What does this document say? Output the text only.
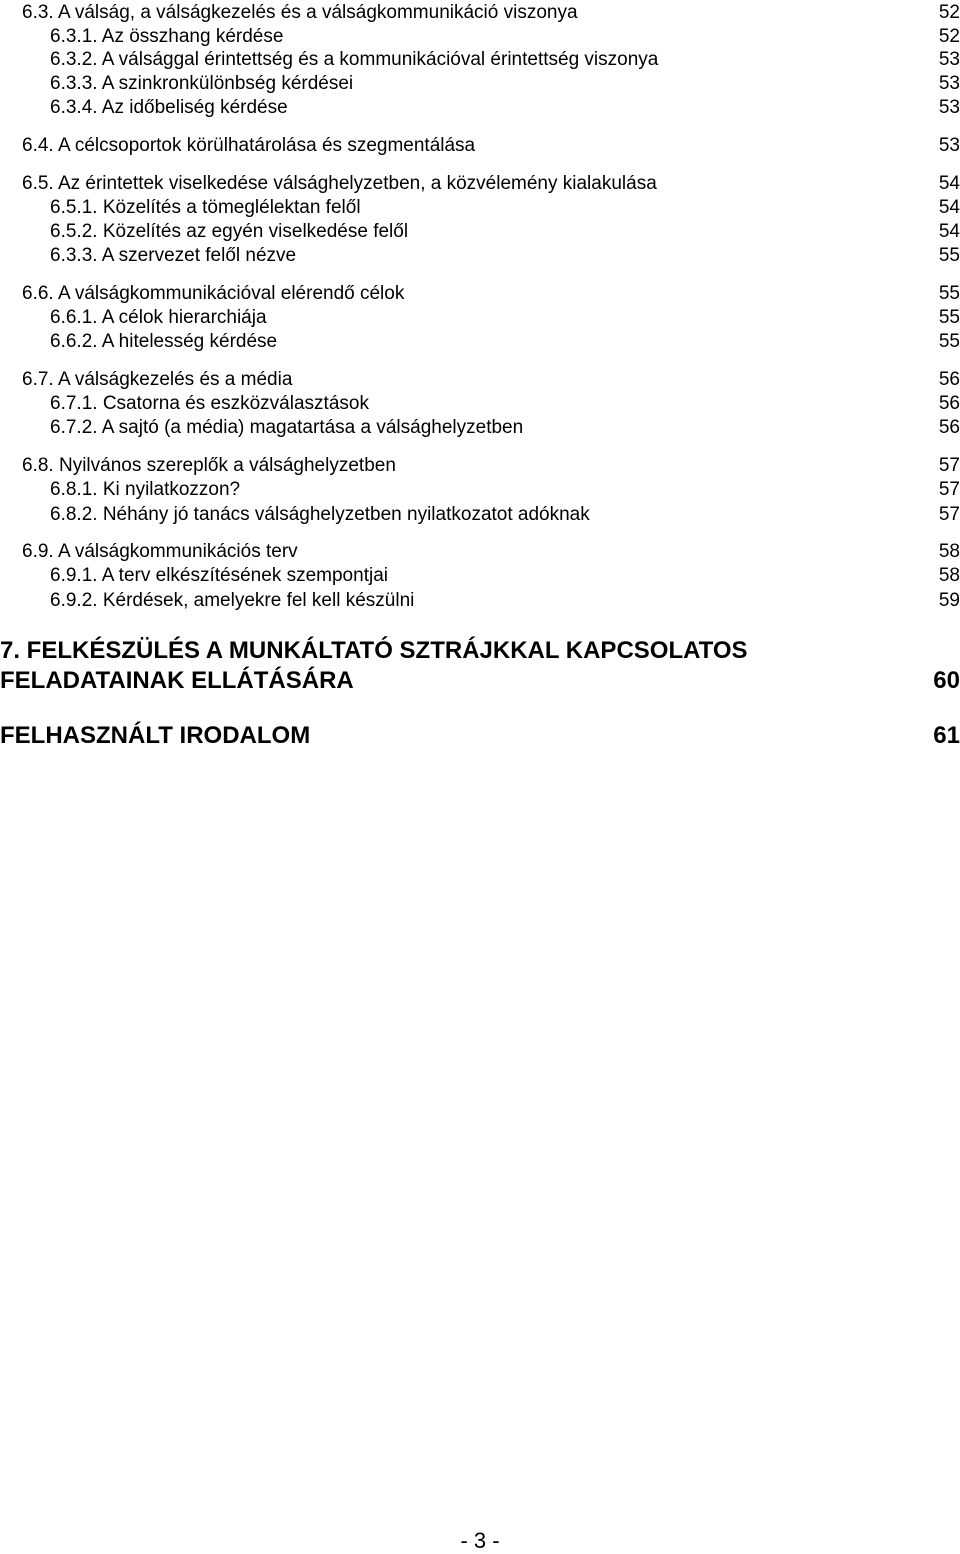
6.3. A válság, a válságkezelés és a válságkommunikáció viszonya	52
6.3.1. Az összhang kérdése	52
6.3.2. A válsággal érintettség és a kommunikációval érintettség viszonya	53
6.3.3. A szinkronkülönbség kérdései	53
6.3.4. Az időbeliség kérdése	53
6.4. A célcsoportok körülhatárolása és szegmentálása	53
6.5. Az érintettek viselkedése válsághelyzetben, a közvélemény kialakulása	54
6.5.1. Közelítés a tömeglélektan felől	54
6.5.2. Közelítés az egyén viselkedése felől	54
6.3.3. A szervezet felől nézve	55
6.6. A válságkommunikációval elérendő célok	55
6.6.1. A célok hierarchiája	55
6.6.2. A hitelesség kérdése	55
6.7. A válságkezelés és a média	56
6.7.1. Csatorna és eszközválasztások	56
6.7.2. A sajtó (a média) magatartása a válsághelyzetben	56
6.8. Nyilvános szereplők a válsághelyzetben	57
6.8.1. Ki nyilatkozzon?	57
6.8.2. Néhány jó tanács válsághelyzetben nyilatkozatot adóknak	57
6.9. A válságkommunikációs terv	58
6.9.1. A terv elkészítésének szempontjai	58
6.9.2. Kérdések, amelyekre fel kell készülni	59
7. FELKÉSZÜLÉS A MUNKÁLTATÓ SZTRÁJKKAL KAPCSOLATOS
FELADATAINAK ELLÁTÁSÁRA	60
FELHASZNÁLT IRODALOM	61
- 3 -
